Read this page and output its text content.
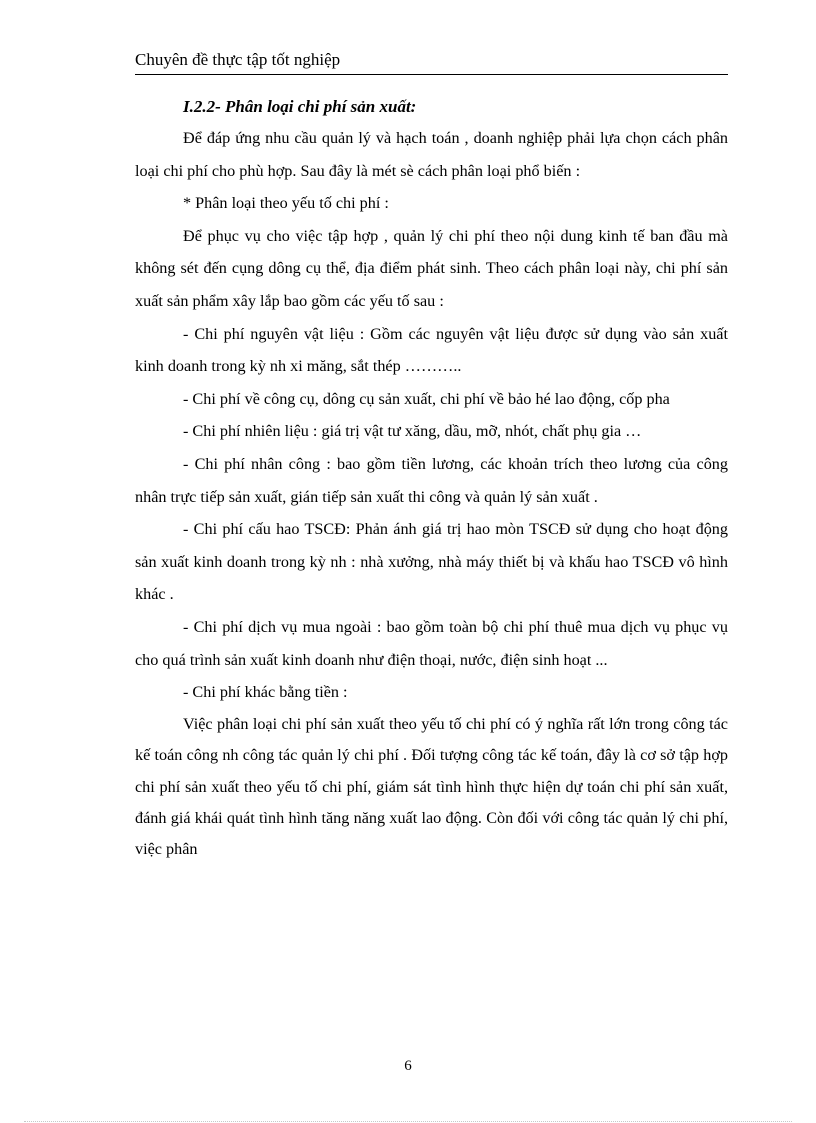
Chuyên đề thực tập tốt nghiệp

I.2.2- Phân loại chi phí sản xuất:

Để đáp ứng nhu cầu quản lý và hạch toán , doanh nghiệp phải lựa chọn cách phân loại chi phí cho phù hợp. Sau đây là mét sè cách phân loại phổ biến :

* Phân loại theo yếu tố chi phí :

Để phục vụ cho việc tập hợp , quản lý chi phí theo nội dung kinh tế ban đầu mà không sét đến cụng dông cụ thể, địa điểm phát sinh. Theo cách phân loại này, chi phí sản xuất sản phẩm xây lắp bao gồm các yếu tố sau :

- Chi phí nguyên vật liệu : Gồm các nguyên vật liệu được sử dụng vào sản xuất kinh doanh trong kỳ nh xi măng, sắt thép ………..

- Chi phí về công cụ, dông cụ sản xuất, chi phí về bảo hé lao động, cốp pha

- Chi phí nhiên liệu : giá trị vật tư xăng, dầu, mỡ, nhót, chất phụ gia …

- Chi phí nhân công : bao gồm tiền lương, các khoản trích theo lương của công nhân trực tiếp sản xuất, gián tiếp sản xuất thi công và quản lý sản xuất .

- Chi phí cấu hao TSCĐ: Phản ánh giá trị hao mòn TSCĐ sử dụng cho hoạt động sản xuất kinh doanh trong kỳ nh : nhà xưởng, nhà máy thiết bị và khấu hao TSCĐ vô hình khác .

- Chi phí dịch vụ mua ngoài : bao gồm toàn bộ chi phí thuê mua dịch vụ phục vụ cho quá trình sản xuất kinh doanh như điện thoại, nước, điện sinh hoạt ...

- Chi phí khác bằng tiền :

Việc phân loại chi phí sản xuất theo yếu tố chi phí có ý nghĩa rất lớn trong công tác kế toán công nh công tác quản lý chi phí . Đối tượng công tác kế toán, đây là cơ sở tập hợp chi phí sản xuất theo yếu tố chi phí, giám sát tình hình thực hiện dự toán chi phí sản xuất, đánh giá khái quát tình hình tăng năng xuất lao động. Còn đối với công tác quản lý chi phí, việc phân

6
